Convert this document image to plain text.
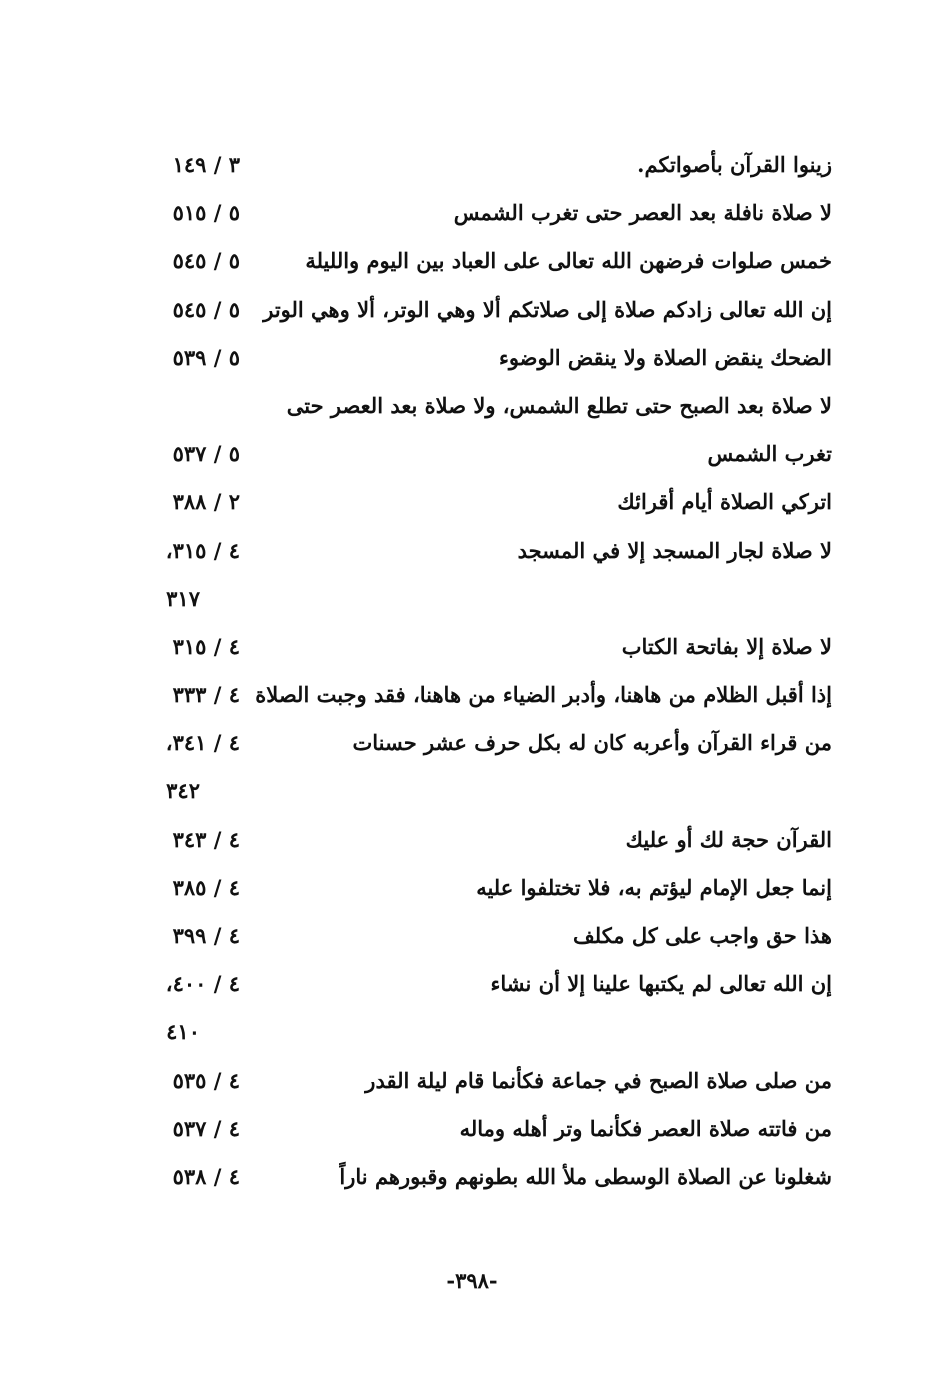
زينوا القرآن بأصواتكم.
٣ / ١٤٩
لا صلاة نافلة بعد العصر حتى تغرب الشمس
٥ / ٥١٥
خمس صلوات فرضهن الله تعالى على العباد بين اليوم والليلة
٥ / ٥٤٥
إن الله تعالى زادكم صلاة إلى صلاتكم ألا وهي الوتر، ألا وهي الوتر
٥ / ٥٤٥
الضحك ينقض الصلاة ولا ينقض الوضوء
٥ / ٥٣٩
لا صلاة بعد الصبح حتى تطلع الشمس، ولا صلاة بعد العصر حتى
تغرب الشمس
٥ / ٥٣٧
اتركي الصلاة أيام أقرائك
٢ / ٣٨٨
لا صلاة لجار المسجد إلا في المسجد
٤ / ٣١٥،
٣١٧
لا صلاة إلا بفاتحة الكتاب
٤ / ٣١٥
إذا أقبل الظلام من هاهنا، وأدبر الضياء من هاهنا، فقد وجبت الصلاة
٤ / ٣٣٣
من قراء القرآن وأعربه كان له بكل حرف عشر حسنات
٤ / ٣٤١،
٣٤٢
القرآن حجة لك أو عليك
٤ / ٣٤٣
إنما جعل الإمام ليؤتم به، فلا تختلفوا عليه
٤ / ٣٨٥
هذا حق واجب على كل مكلف
٤ / ٣٩٩
إن الله تعالى لم يكتبها علينا إلا أن نشاء
٤ / ٤٠٠،
٤١٠
من صلى صلاة الصبح في جماعة فكأنما قام ليلة القدر
٤ / ٥٣٥
من فاتته صلاة العصر فكأنما وتر أهله وماله
٤ / ٥٣٧
شغلونا عن الصلاة الوسطى ملأ الله بطونهم وقبورهم ناراً
٤ / ٥٣٨
-٣٩٨-
